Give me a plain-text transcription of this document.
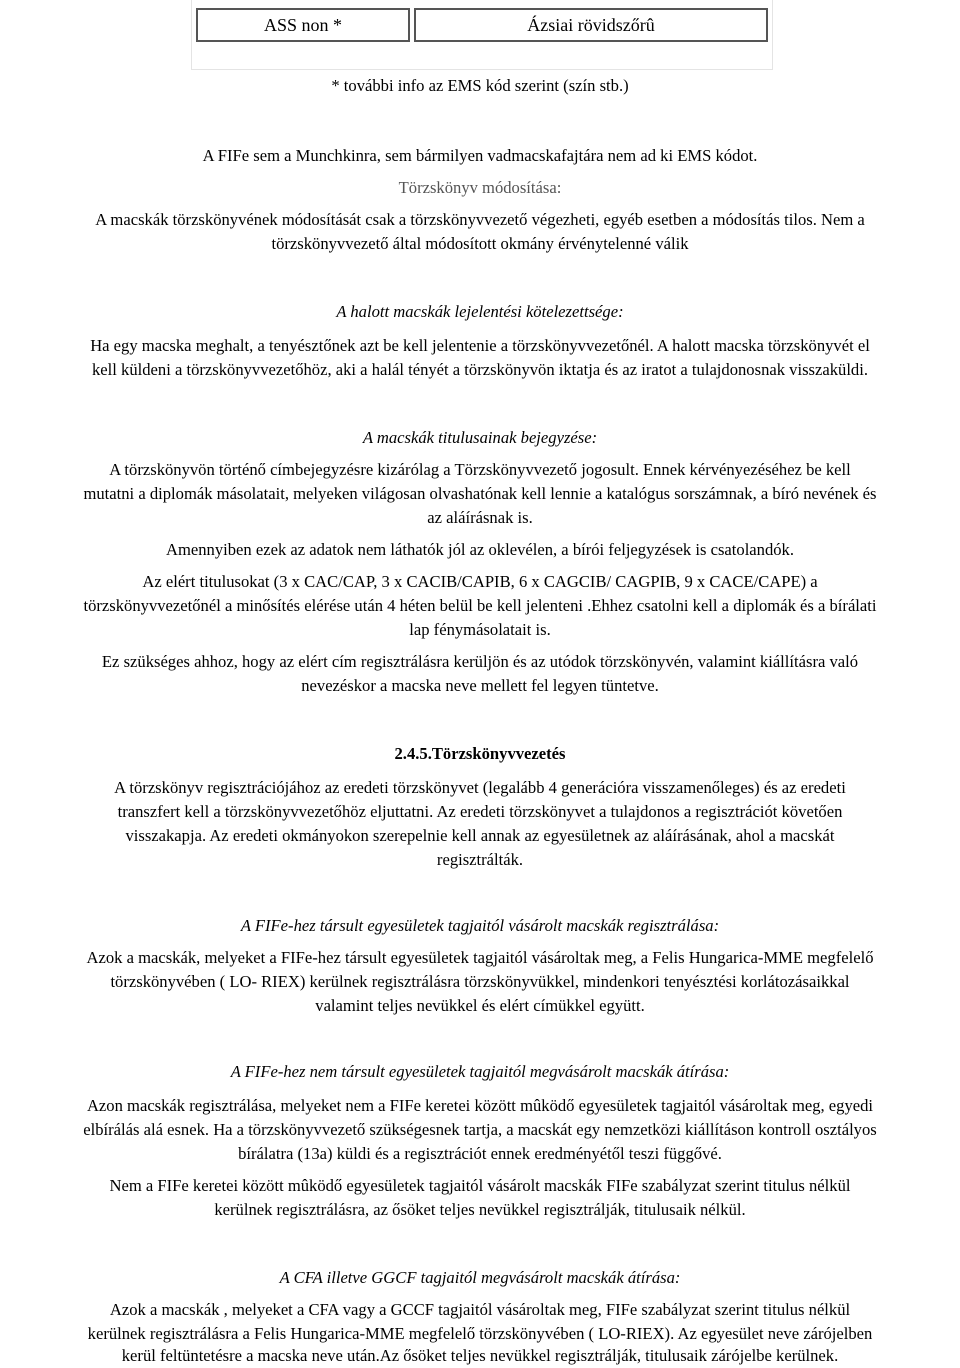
ASS non *	Ázsiai rövidszőrû
* további info az EMS kód szerint (szín stb.)
A FIFe sem a Munchkinra, sem bármilyen vadmacskafajtára nem ad ki EMS kódot.
Törzskönyv módosítása:
A macskák törzskönyvének módosítását csak a törzskönyvvezető végezheti, egyéb esetben a módosítás tilos. Nem a
törzskönyvvezető által módosított okmány érvénytelenné válik
A halott macskák lejelentési kötelezettsége:
Ha egy macska meghalt, a tenyésztőnek azt be kell jelentenie a törzskönyvvezetőnél. A halott macska törzskönyvét el
kell küldeni a törzskönyvvezetőhöz, aki a halál tényét a törzskönyvön iktatja és az iratot a tulajdonosnak visszaküldi.
A macskák titulusainak bejegyzése:
A törzskönyvön történő címbejegyzésre kizárólag a Törzskönyvvezető jogosult. Ennek kérvényezéséhez be kell
mutatni a diplomák másolatait, melyeken világosan olvashatónak kell lennie a katalógus sorszámnak, a bíró nevének és
az aláírásnak is.
Amennyiben ezek az adatok nem láthatók jól az oklevélen, a bírói feljegyzések is csatolandók.
Az elért titulusokat (3 x CAC/CAP, 3 x CACIB/CAPIB, 6 x CAGCIB/ CAGPIB, 9 x CACE/CAPE) a
törzskönyvvezetőnél a minősítés elérése után 4 héten belül be kell jelenteni .Ehhez csatolni kell a diplomák és a bírálati
lap fénymásolatait is.
Ez szükséges ahhoz, hogy az elért cím regisztrálásra kerüljön és az utódok törzskönyvén, valamint kiállításra való
nevezéskor a macska neve mellett fel legyen tüntetve.
2.4.5.Törzskönyvvezetés
A törzskönyv regisztrációjához az eredeti törzskönyvet (legalább 4 generációra visszamenőleges) és az eredeti
transzfert kell a törzskönyvvezetőhöz eljuttatni. Az eredeti törzskönyvet a tulajdonos a regisztrációt követően
visszakapja. Az eredeti okmányokon szerepelnie kell annak az egyesületnek az aláírásának, ahol a macskát
regisztrálták.
A FIFe-hez társult egyesületek tagjaitól vásárolt macskák regisztrálása:
Azok a macskák, melyeket a FIFe-hez társult egyesületek tagjaitól vásároltak meg, a Felis Hungarica-MME megfelelő
törzskönyvében ( LO- RIEX) kerülnek regisztrálásra törzskönyvükkel, mindenkori tenyésztési korlátozásaikkal
valamint teljes nevükkel és elért címükkel együtt.
A FIFe-hez nem társult egyesületek tagjaitól megvásárolt macskák átírása:
Azon macskák regisztrálása, melyeket nem a FIFe keretei között mûködő egyesületek tagjaitól vásároltak meg, egyedi
elbírálás alá esnek. Ha a törzskönyvvezető szükségesnek tartja, a macskát egy nemzetközi kiállításon kontroll osztályos
bírálatra (13a) küldi és a regisztrációt ennek eredményétől teszi függővé.
Nem a FIFe keretei között mûködő egyesületek tagjaitól vásárolt macskák FIFe szabályzat szerint titulus nélkül
kerülnek regisztrálásra, az ősöket teljes nevükkel regisztrálják, titulusaik nélkül.
A CFA illetve GGCF tagjaitól megvásárolt macskák átírása:
Azok a macskák , melyeket a CFA vagy a GCCF tagjaitól vásároltak meg, FIFe szabályzat szerint titulus nélkül
kerülnek regisztrálásra a Felis Hungarica-MME megfelelő törzskönyvében ( LO-RIEX). Az egyesület neve zárójelben
kerül feltüntetésre a macska neve után.Az ősöket teljes nevükkel regisztrálják, titulusaik zárójelbe kerülnek.
